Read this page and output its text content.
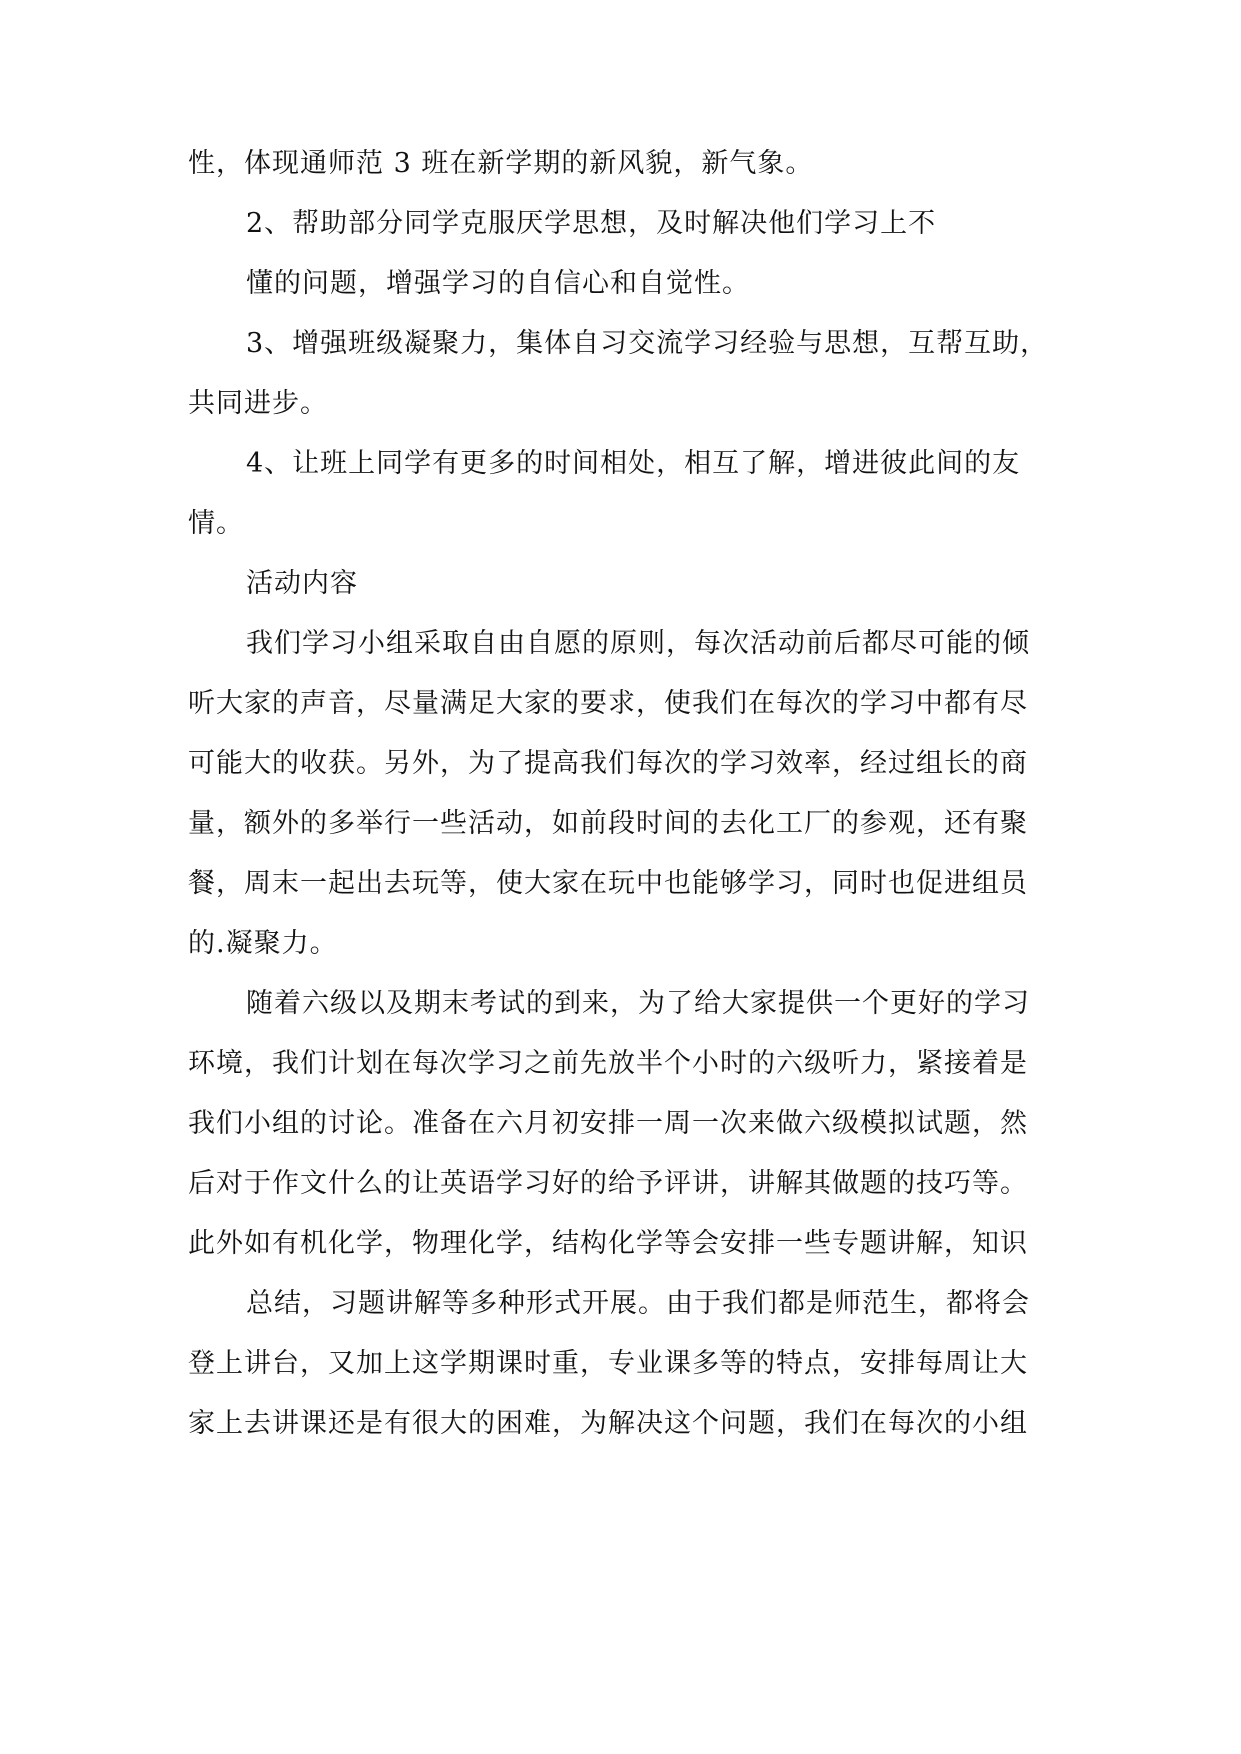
性，体现通师范 3 班在新学期的新风貌，新气象。

2、帮助部分同学克服厌学思想，及时解决他们学习上不

懂的问题，增强学习的自信心和自觉性。

3、增强班级凝聚力，集体自习交流学习经验与思想，互帮互助，

共同进步。

4、让班上同学有更多的时间相处，相互了解，增进彼此间的友

情。

活动内容

我们学习小组采取自由自愿的原则，每次活动前后都尽可能的倾

听大家的声音，尽量满足大家的要求，使我们在每次的学习中都有尽

可能大的收获。另外，为了提高我们每次的学习效率，经过组长的商

量，额外的多举行一些活动，如前段时间的去化工厂的参观，还有聚

餐，周末一起出去玩等，使大家在玩中也能够学习，同时也促进组员

的.凝聚力。

随着六级以及期末考试的到来，为了给大家提供一个更好的学习

环境，我们计划在每次学习之前先放半个小时的六级听力，紧接着是

我们小组的讨论。准备在六月初安排一周一次来做六级模拟试题，然

后对于作文什么的让英语学习好的给予评讲，讲解其做题的技巧等。

此外如有机化学，物理化学，结构化学等会安排一些专题讲解，知识

总结，习题讲解等多种形式开展。由于我们都是师范生，都将会

登上讲台，又加上这学期课时重，专业课多等的特点，安排每周让大

家上去讲课还是有很大的困难，为解决这个问题，我们在每次的小组
